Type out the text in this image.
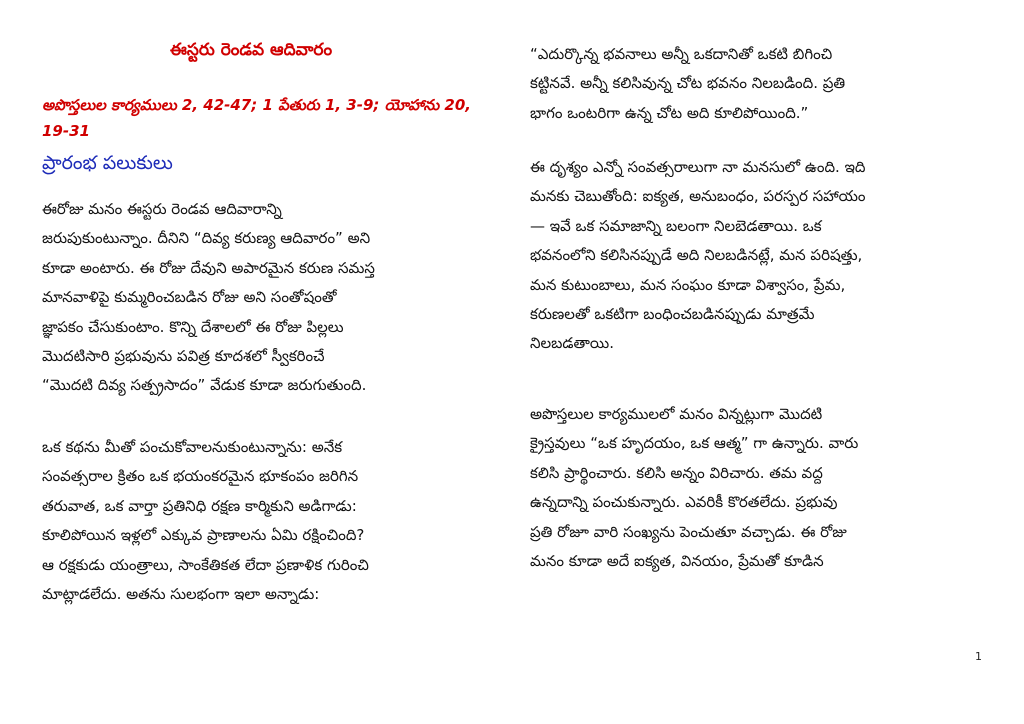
ఈస్టరు రెండవ ఆదివారం
అపొస్తలుల కార్యములు 2, 42-47; 1 పేతురు 1, 3-9; యోహాను 20,
19-31
ప్రారంభ పలుకులు

ఈరోజు మనం ఈస్టరు రెండవ ఆదివారాన్ని
జరుపుకుంటున్నాం. దీనిని “దివ్య కరుణ్య ఆదివారం” అని
కూడా అంటారు. ఈ రోజు దేవుని అపారమైన కరుణ సమస్త
మానవాళిపై కుమ్మరించబడిన రోజు అని సంతోషంతో
జ్ఞాపకం చేసుకుంటాం. కొన్ని దేశాలలో ఈ రోజు పిల్లలు
మొదటిసారి ప్రభువును పవిత్ర కూదశలో స్వీకరించే
“మొదటి దివ్య సత్ప్రసాదం” వేడుక కూడా జరుగుతుంది.

ఒక కథను మీతో పంచుకోవాలనుకుంటున్నాను: అనేక
సంవత్సరాల క్రితం ఒక భయంకరమైన భూకంపం జరిగిన
తరువాత, ఒక వార్తా ప్రతినిధి రక్షణ కార్మికుని అడిగాడు:
కూలిపోయిన ఇళ్లలో ఎక్కువ ప్రాణాలను ఏమి రక్షించింది?
ఆ రక్షకుడు యంత్రాలు, సాంకేతికత లేదా ప్రణాళిక గురించి
మాట్లాడలేదు. అతను సులభంగా ఇలా అన్నాడు:

“ఎదుర్కొన్న భవనాలు అన్నీ ఒకదానితో ఒకటి బిగించి
కట్టినవే. అన్నీ కలిసివున్న చోట భవనం నిలబడింది. ప్రతి
భాగం ఒంటరిగా ఉన్న చోట అది కూలిపోయింది.”

ఈ దృశ్యం ఎన్నో సంవత్సరాలుగా నా మనసులో ఉంది. ఇది
మనకు చెబుతోంది: ఐక్యత, అనుబంధం, పరస్పర సహాయం
— ఇవే ఒక సమాజాన్ని బలంగా నిలబెడతాయి. ఒక
భవనంలోని కలిసినప్పుడే అది నిలబడినట్లే, మన పరిషత్తు,
మన కుటుంబాలు, మన సంఘం కూడా విశ్వాసం, ప్రేమ,
కరుణలతో ఒకటిగా బంధించబడినప్పుడు మాత్రమే
నిలబడతాయి.

అపొస్తలుల కార్యములలో మనం విన్నట్లుగా మొదటి
క్రైస్తవులు “ఒక హృదయం, ఒక ఆత్మ” గా ఉన్నారు. వారు
కలిసి ప్రార్థించారు. కలిసి అన్నం విరిచారు. తమ వద్ద
ఉన్నదాన్ని పంచుకున్నారు. ఎవరికీ కొరతలేదు. ప్రభువు
ప్రతి రోజూ వారి సంఖ్యను పెంచుతూ వచ్చాడు. ఈ రోజు
మనం కూడా అదే ఐక్యత, వినయం, ప్రేమతో కూడిన

1
